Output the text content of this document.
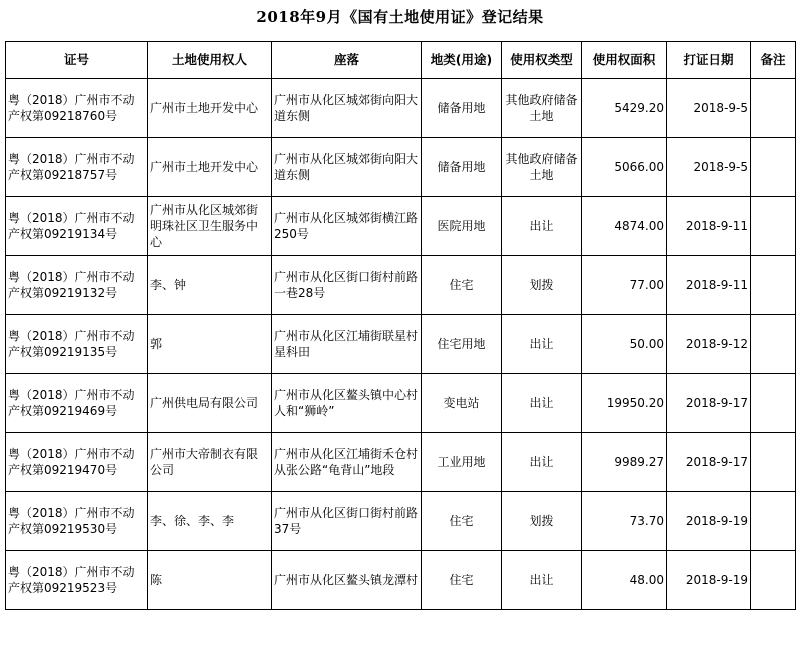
2018年9月《国有土地使用证》登记结果
证号	土地使用权人	座落	地类(用途)	使用权类型	使用权面积	打证日期	备注
粤（2018）广州市不动产权第09218760号	广州市土地开发中心	广州市从化区城郊街向阳大道东侧	储备用地	其他政府储备土地	5429.20	2018-9-5	
粤（2018）广州市不动产权第09218757号	广州市土地开发中心	广州市从化区城郊街向阳大道东侧	储备用地	其他政府储备土地	5066.00	2018-9-5	
粤（2018）广州市不动产权第09219134号	广州市从化区城郊街明珠社区卫生服务中心	广州市从化区城郊街横江路250号	医院用地	出让	4874.00	2018-9-11	
粤（2018）广州市不动产权第09219132号	李、钟	广州市从化区街口街村前路一巷28号	住宅	划拨	77.00	2018-9-11	
粤（2018）广州市不动产权第09219135号	郭	广州市从化区江埔街联星村星科田	住宅用地	出让	50.00	2018-9-12	
粤（2018）广州市不动产权第09219469号	广州供电局有限公司	广州市从化区鳌头镇中心村人和“狮岭”	变电站	出让	19950.20	2018-9-17	
粤（2018）广州市不动产权第09219470号	广州市大帝制衣有限公司	广州市从化区江埔街禾仓村从张公路“龟背山”地段	工业用地	出让	9989.27	2018-9-17	
粤（2018）广州市不动产权第09219530号	李、徐、李、李	广州市从化区街口街村前路37号	住宅	划拨	73.70	2018-9-19	
粤（2018）广州市不动产权第09219523号	陈	广州市从化区鳌头镇龙潭村	住宅	出让	48.00	2018-9-19	
